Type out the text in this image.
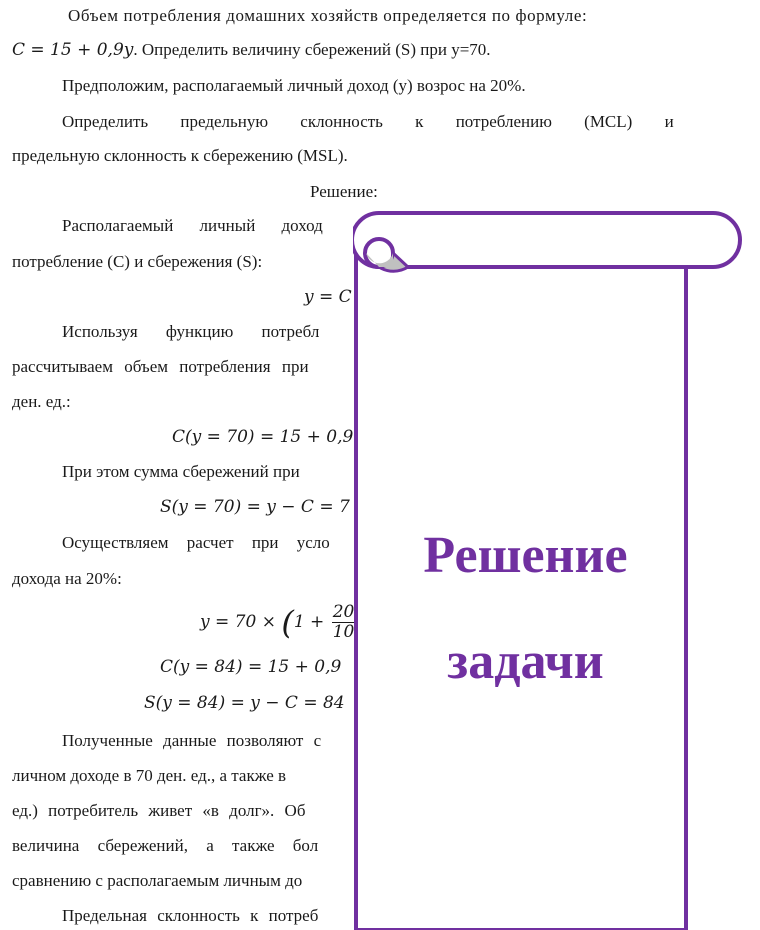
Объем потребления домашних хозяйств определяется по формуле:
C = 15 + 0,9y. Определить величину сбережений (S) при y=70.
Предположим, располагаемый личный доход (y) возрос на 20%.
Определить предельную склонность к потреблению (MCL) и
предельную склонность к сбережению (MSL).
Решение:
Располагаемый личный доход
потребление (C) и сбережения (S):
y = C
Используя функцию потребл
рассчитываем объем потребления при
ден. ед.:
C(y = 70) = 15 + 0,9
При этом сумма сбережений при
S(y = 70) = y − C = 7
Осуществляем расчет при усло
дохода на 20%:
$y = 70 \times (1 + \frac{20}{10}$
C(y = 84) = 15 + 0,9
S(y = 84) = y − C = 84
Полученные данные позволяют с
личном доходе в 70 ден. ед., а также в
ед.) потребитель живет «в долг». Об
величина сбережений, а также бол
сравнению с располагаемым личным до
Предельная склонность к потреб
Решение
задачи
